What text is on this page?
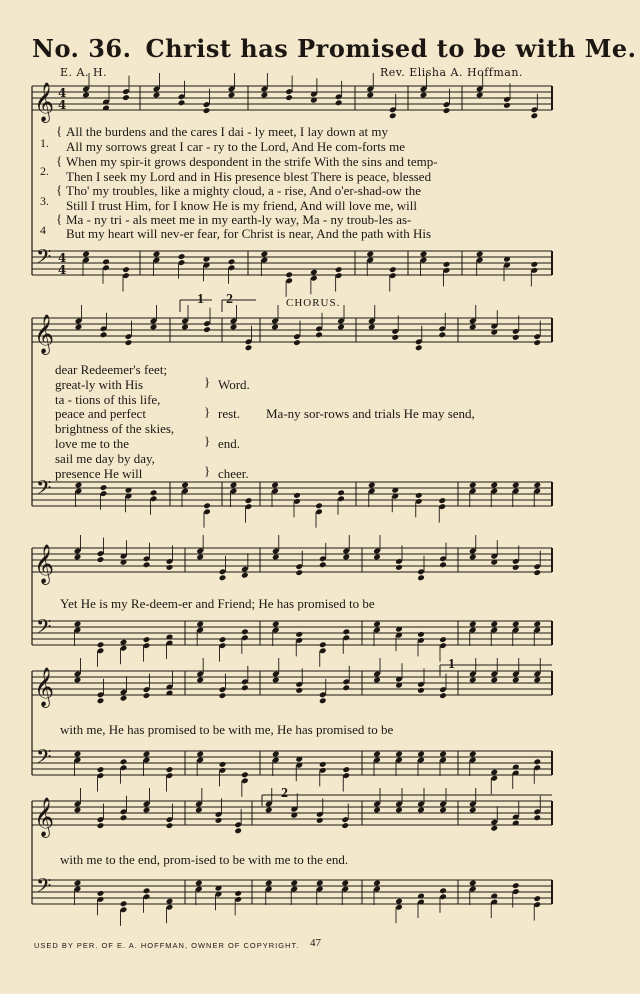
No. 36. Christ has Promised to be with Me.
E. A. H.	Rev. Elisha A. Hoffman.
𝄞
𝄢
4
4
4
4
𝄞
𝄢
𝄞
𝄢
𝄞
𝄢
𝄞
𝄢
1.
2.
3.
4
{
{
{
{
All the burdens and the cares I dai - ly meet, I lay down at my
All my sorrows great I car - ry to the Lord, And He com-forts me
When my spir-it grows despondent in the strife With the sins and temp-
Then I seek my Lord and in His presence blest There is peace, blessed
Tho' my troubles, like a mighty cloud, a - rise, And o'er-shad-ow the
Still I trust Him, for I know He is my friend, And will love me, will
Ma - ny tri - als meet me in my earth-ly way, Ma - ny troub-les as-
But my heart will nev-er fear, for Christ is near, And the path with His
CHORUS.
1 2
dear Redeemer's feet;
great-ly with His
ta - tions of this life,
peace and perfect
brightness of the skies,
love me to the
sail me day by day,
presence He will
}
}
}
}
Word.
rest.
end.
cheer.
Ma-ny sor-rows and trials He may send,
Yet He is my Re-deem-er and Friend; He has promised to be
1
with me, He has promised to be with me, He has promised to be
2
with me to the end, prom-ised to be with me to the end.
USED BY PER. OF E. A. HOFFMAN, OWNER OF COPYRIGHT. 47
